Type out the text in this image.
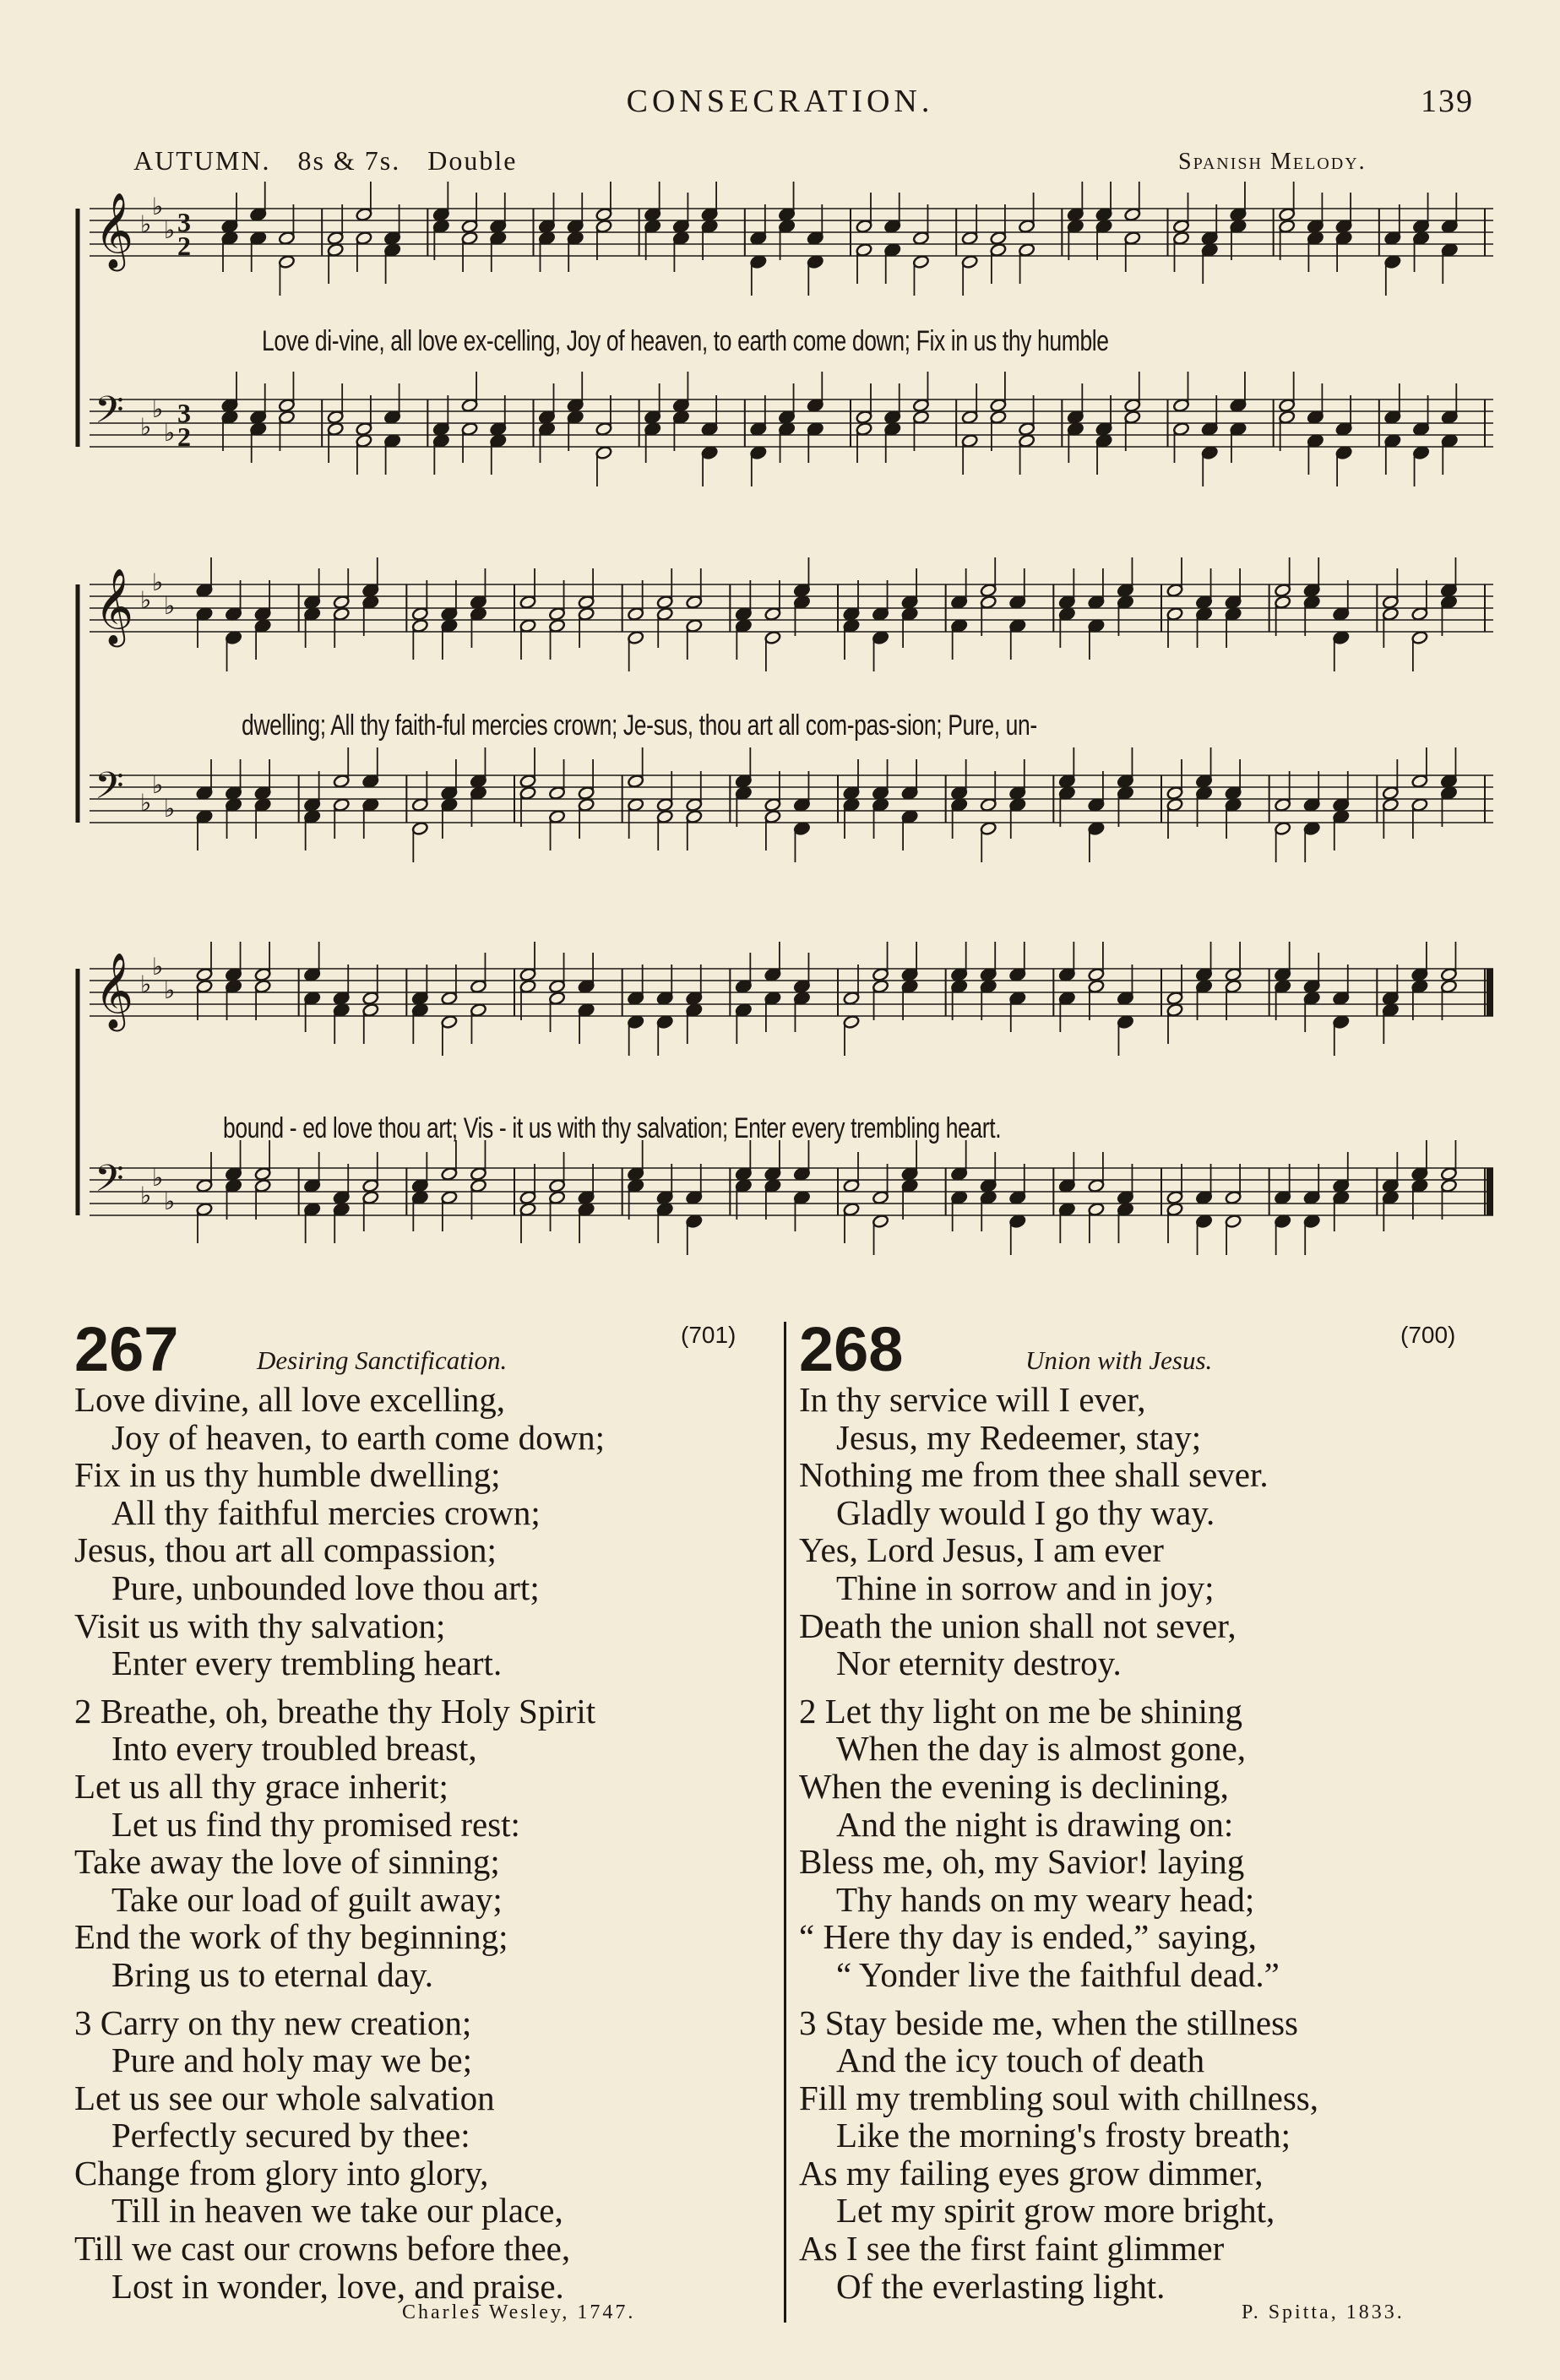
CONSECRATION.	139
AUTUMN. 8s & 7s. Double	Spanish Melody.
𝄞 ♭
♭
♭ 3
2
𝄢 ♭
♭
♭
3
2
Love di-vine, all love ex-celling, Joy of heaven, to earth come down; Fix in us thy humble
𝄞 ♭
♭
♭
𝄢 ♭
♭
♭
dwelling; All thy faith-ful mercies crown; Je-sus, thou art all com-pas-sion; Pure, un-
𝄞 ♭
♭
♭
𝄢 ♭
♭
♭
bound - ed love thou art; Vis - it us with thy salvation; Enter every trembling heart.
267	Desiring Sanctification.
(701)
Love divine, all love excelling,
Joy of heaven, to earth come down;
Fix in us thy humble dwelling;
All thy faithful mercies crown;
Jesus, thou art all compassion;
Pure, unbounded love thou art;
Visit us with thy salvation;
Enter every trembling heart.
2 Breathe, oh, breathe thy Holy Spirit
Into every troubled breast,
Let us all thy grace inherit;
Let us find thy promised rest:
Take away the love of sinning;
Take our load of guilt away;
End the work of thy beginning;
Bring us to eternal day.
3 Carry on thy new creation;
Pure and holy may we be;
Let us see our whole salvation
Perfectly secured by thee:
Change from glory into glory,
Till in heaven we take our place,
Till we cast our crowns before thee,
Lost in wonder, love, and praise.
Charles Wesley, 1747.
268	Union with Jesus.
(700)
In thy service will I ever,
Jesus, my Redeemer, stay;
Nothing me from thee shall sever.
Gladly would I go thy way.
Yes, Lord Jesus, I am ever
Thine in sorrow and in joy;
Death the union shall not sever,
Nor eternity destroy.
2 Let thy light on me be shining
When the day is almost gone,
When the evening is declining,
And the night is drawing on:
Bless me, oh, my Savior! laying
Thy hands on my weary head;
“ Here thy day is ended,” saying,
“ Yonder live the faithful dead.”
3 Stay beside me, when the stillness
And the icy touch of death
Fill my trembling soul with chillness,
Like the morning's frosty breath;
As my failing eyes grow dimmer,
Let my spirit grow more bright,
As I see the first faint glimmer
Of the everlasting light.
P. Spitta, 1833.
